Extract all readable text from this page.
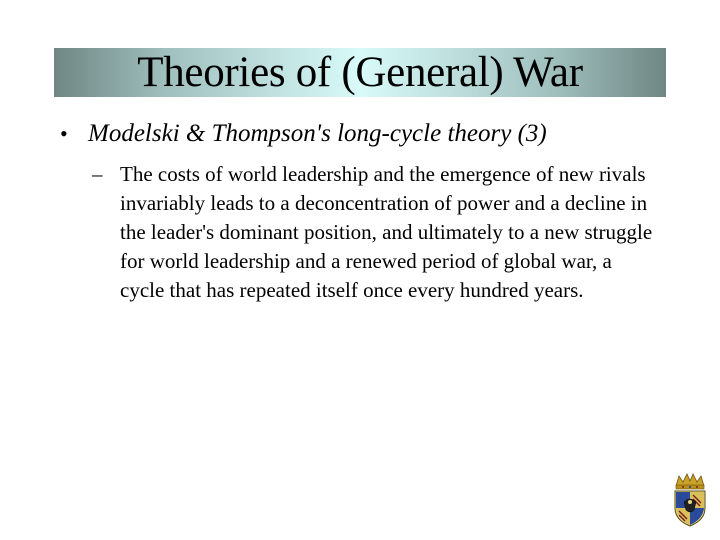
Theories of (General) War
• Modelski & Thompson's long-cycle theory (3)
– The costs of world leadership and the emergence of new rivals invariably leads to a deconcentration of power and a decline in the leader's dominant position, and ultimately to a new struggle for world leadership and a renewed period of global war, a cycle that has repeated itself once every hundred years.
